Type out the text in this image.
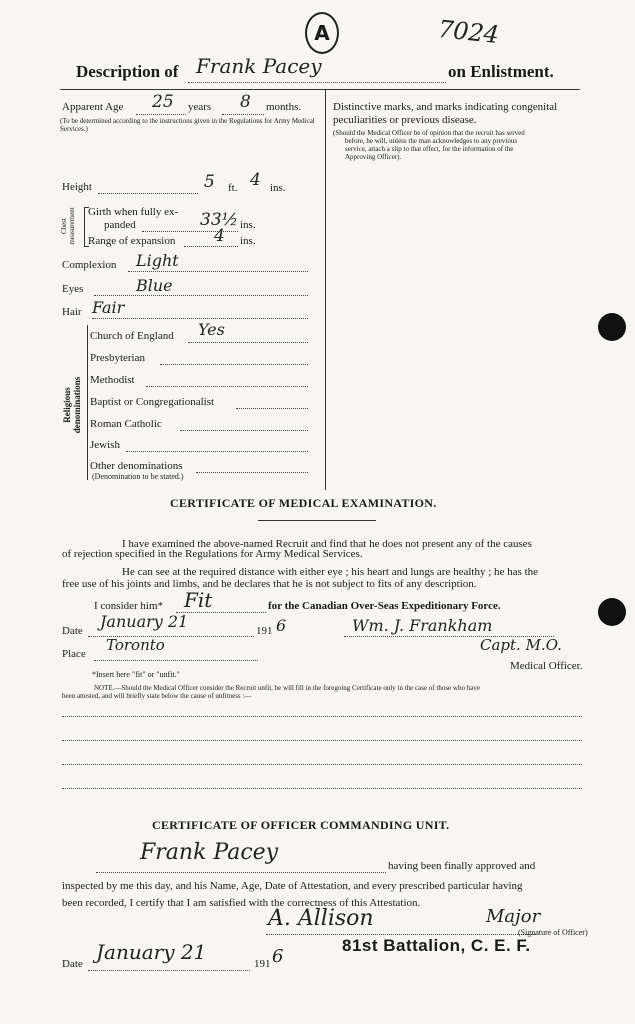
A	7024
Description of Frank Pacey	on Enlistment.
Apparent Age 25 years 8 months.
(To be determined according to the instructions given in the Regulations for Army Medical Services.)
Height	5 ft. 4 ins.
Chest measurement Girth when fully ex-
panded	33½ ins.
Range of expansion 4 ins.
Complexion Light
Eyes	Blue
Hair Fair
Religious denominations
Church of England Yes
Presbyterian
Methodist
Baptist or Congregationalist
Roman Catholic
Jewish
Other denominations
(Denomination to be stated.)
Distinctive marks, and marks indicating congenital
peculiarities or previous disease.
(Should the Medical Officer be of opinion that the recruit has served
before, he will, unless the man acknowledges to any previous
service, attach a slip to that effect, for the information of the
Approving Officer).
CERTIFICATE OF MEDICAL EXAMINATION.
I have examined the above-named Recruit and find that he does not present any of the causes
of rejection specified in the Regulations for Army Medical Services.
He can see at the required distance with either eye ; his heart and lungs are healthy ; he has the
free use of his joints and limbs, and he declares that he is not subject to fits of any description.
I consider him* Fit	for the Canadian Over-Seas Expeditionary Force.
Date January 21	191 6
Place Toronto
Wm. J. Frankham
Capt. M.O.
Medical Officer.
*Insert here "fit" or "unfit."
NOTE.—Should the Medical Officer consider the Recruit unfit, he will fill in the foregoing Certificate only in the case of those who have
been attested, and will briefly state below the cause of unfitness :—
CERTIFICATE OF OFFICER COMMANDING UNIT.
Frank Pacey
having been finally approved and
inspected by me this day, and his Name, Age, Date of Attestation, and every prescribed particular having
been recorded, I certify that I am satisfied with the correctness of this Attestation.
A. Allison	Major
(Signature of Officer)
81st Battalion, C. E. F.
Date January 21	191 6
